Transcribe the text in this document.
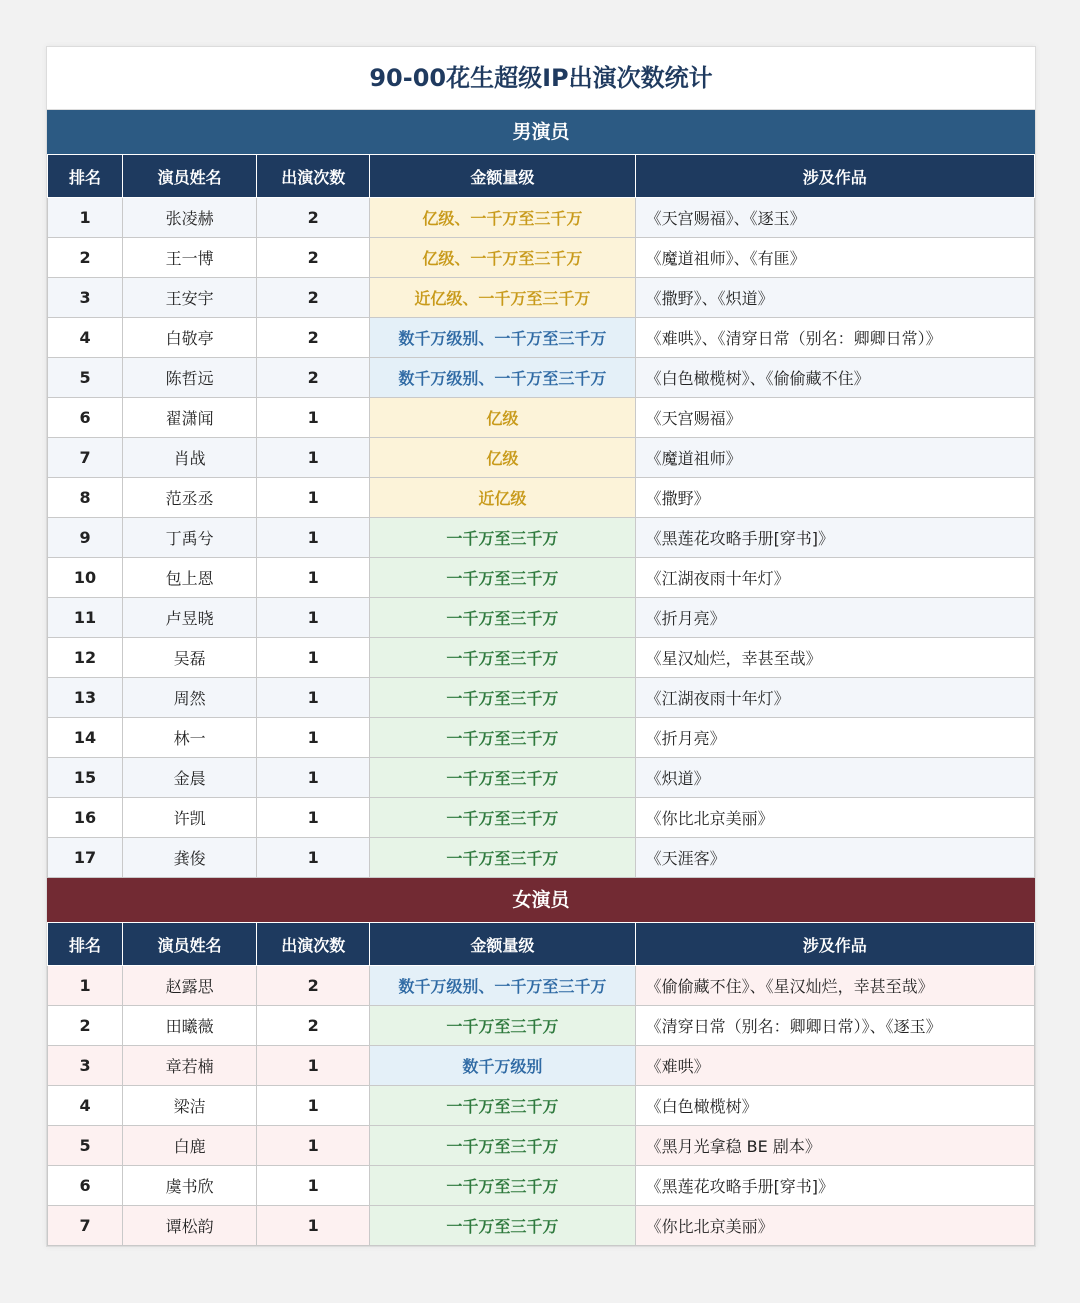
90-00花生超级IP出演次数统计
男演员
排名	演员姓名	出演次数	金额量级	涉及作品
1	张凌赫	2	亿级、一千万至三千万	《天宫赐福》、《逐玉》
2	王一博	2	亿级、一千万至三千万	《魔道祖师》、《有匪》
3	王安宇	2	近亿级、一千万至三千万	《撒野》、《炽道》
4	白敬亭	2	数千万级别、一千万至三千万	《难哄》、《清穿日常（别名：卿卿日常）》
5	陈哲远	2	数千万级别、一千万至三千万	《白色橄榄树》、《偷偷藏不住》
6	翟潇闻	1	亿级	《天宫赐福》
7	肖战	1	亿级	《魔道祖师》
8	范丞丞	1	近亿级	《撒野》
9	丁禹兮	1	一千万至三千万	《黑莲花攻略手册[穿书]》
10	包上恩	1	一千万至三千万	《江湖夜雨十年灯》
11	卢昱晓	1	一千万至三千万	《折月亮》
12	吴磊	1	一千万至三千万	《星汉灿烂，幸甚至哉》
13	周然	1	一千万至三千万	《江湖夜雨十年灯》
14	林一	1	一千万至三千万	《折月亮》
15	金晨	1	一千万至三千万	《炽道》
16	许凯	1	一千万至三千万	《你比北京美丽》
17	龚俊	1	一千万至三千万	《天涯客》
女演员
排名	演员姓名	出演次数	金额量级	涉及作品
1	赵露思	2	数千万级别、一千万至三千万	《偷偷藏不住》、《星汉灿烂，幸甚至哉》
2	田曦薇	2	一千万至三千万	《清穿日常（别名：卿卿日常）》、《逐玉》
3	章若楠	1	数千万级别	《难哄》
4	梁洁	1	一千万至三千万	《白色橄榄树》
5	白鹿	1	一千万至三千万	《黑月光拿稳 BE 剧本》
6	虞书欣	1	一千万至三千万	《黑莲花攻略手册[穿书]》
7	谭松韵	1	一千万至三千万	《你比北京美丽》
